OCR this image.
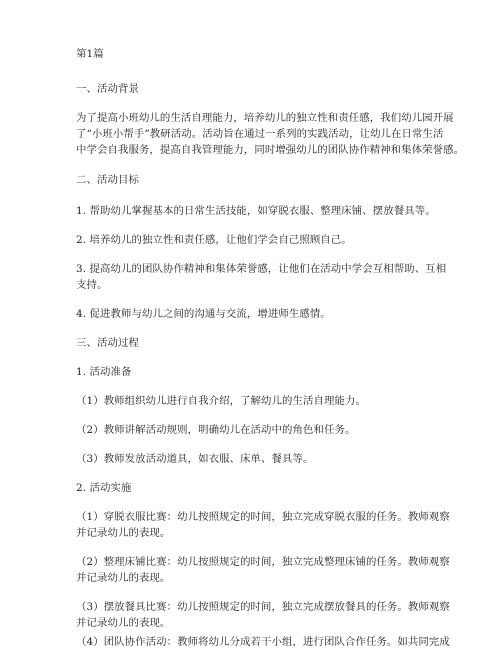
第1篇
一、活动背景
为了提高小班幼儿的生活自理能力，培养幼儿的独立性和责任感，我们幼儿园开展
了“小班小帮手”教研活动。活动旨在通过一系列的实践活动，让幼儿在日常生活
中学会自我服务，提高自我管理能力，同时增强幼儿的团队协作精神和集体荣誉感。
二、活动目标
1. 帮助幼儿掌握基本的日常生活技能，如穿脱衣服、整理床铺、摆放餐具等。
2. 培养幼儿的独立性和责任感，让他们学会自己照顾自己。
3. 提高幼儿的团队协作精神和集体荣誉感，让他们在活动中学会互相帮助、互相
支持。
4. 促进教师与幼儿之间的沟通与交流，增进师生感情。
三、活动过程
1. 活动准备
（1）教师组织幼儿进行自我介绍，了解幼儿的生活自理能力。
（2）教师讲解活动规则，明确幼儿在活动中的角色和任务。
（3）教师发放活动道具，如衣服、床单、餐具等。
2. 活动实施
（1）穿脱衣服比赛：幼儿按照规定的时间，独立完成穿脱衣服的任务。教师观察
并记录幼儿的表现。
（2）整理床铺比赛：幼儿按照规定的时间，独立完成整理床铺的任务。教师观察
并记录幼儿的表现。
（3）摆放餐具比赛：幼儿按照规定的时间，独立完成摆放餐具的任务。教师观察
并记录幼儿的表现。
（4）团队协作活动：教师将幼儿分成若干小组，进行团队合作任务。如共同完成
